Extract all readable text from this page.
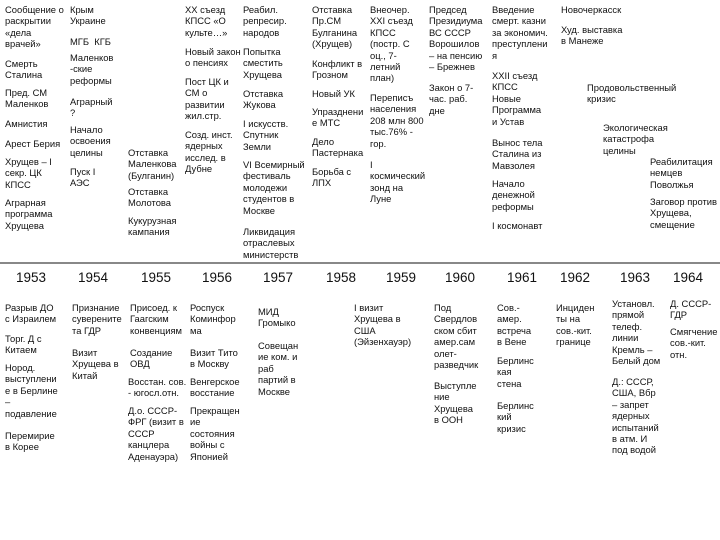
1953 1954 1955 1956 1957 1958 1959 1960 1961 1962 1963 1964
Сообщение о
раскрытии
«дела
врачей»
Смерть
Сталина
Пред. СМ
Маленков
Амнистия
Арест Берия
Хрущев – I
секр. ЦК
КПСС
Аграрная
программа
Хрущева
Крым
Украине
МГБ  КГБ
Маленков
-ские
реформы
Аграрный
?
Начало
освоения
целины
Пуск I
АЭС
Отставка
Маленкова
(Булганин)
Отставка
Молотова
Кукурузная
кампания
XX съезд
КПСС «О
культе…»
Новый закон
о пенсиях
Пост ЦК и
СМ о
развитии
жил.стр.
Созд. инст.
ядерных
исслед. в
Дубне
Реабил.
репресир.
народов
Попытка
сместить
Хрущева
Отставка
Жукова
I искусств.
Спутник
Земли
VI Всемирный
фестиваль
молодежи
студентов в
Москве
Ликвидация
отраслевых
министерств
Отставка
Пр.СМ
Булганина
(Хрущев)
Конфликт в
Грозном
Новый УК
Упразднени
е МТС
Дело
Пастернака
Борьба с
ЛПХ
Внеочер.
XXI съезд
КПСС
(постр. С
оц., 7-
летний
план)
Переписъ
населения
208 млн 800
тыс.76% -
гор.
I
космический
зонд на
Луне
Председ
Президиума
ВС СССР
Ворошилов
– на пенсию
– Брежнев
Закон о 7-
час. раб.
дне
Введение
смерт. казни
за экономич.
преступлени
я
XXII съезд
КПСС
Новые
Программа
и Устав
Вынос тела
Сталина из
Мавзолея
Начало
денежной
реформы
I космонавт
Новочеркасск
Худ. выставка
в Манеже
Продовольственный
кризис
Экологическая
катастрофа
целины
Реабилитация
немцев
Поволжья
Заговор против
Хрущева,
смещение
Разрыв ДО
с Израилем
Торг. Д с
Китаем
Нород.
выступлени
е в Берлине
–
подавление
Перемирие
в Корее
Признание
суверените
та ГДР
Визит
Хрущева в
Китай
Присоед. к
Гаагским
конвенциям
Создание
ОВД
Восстан. сов.
- югосл.отн.
Д.о. СССР-
ФРГ (визит в
СССР
канцлера
Аденауэра)
Роспуск
Коминфор
ма
Визит Тито
в Москву
Венгерское
восстание
Прекращен
ие
состояния
войны с
Японией
МИД
Громыко
Совещан
ие ком. и
раб
партий в
Москве
I визит
Хрущева в
США
(Эйзенхауэр)
Под
Свердлов
ском сбит
амер.сам
олет-
разведчик
Выступле
ние
Хрущева
в ООН
Сов.-
амер.
встреча
в Вене
Берлинс
кая
стена
Берлинс
кий
кризис
Инциден
ты на
сов.-кит.
границе
Установл.
прямой
телеф.
линии
Кремль –
Белый дом
Д.: СССР,
США, Вбр
– запрет
ядерных
испытаний
в атм. И
под водой
Д. СССР-
ГДР
Смягчение
сов.-кит.
отн.
